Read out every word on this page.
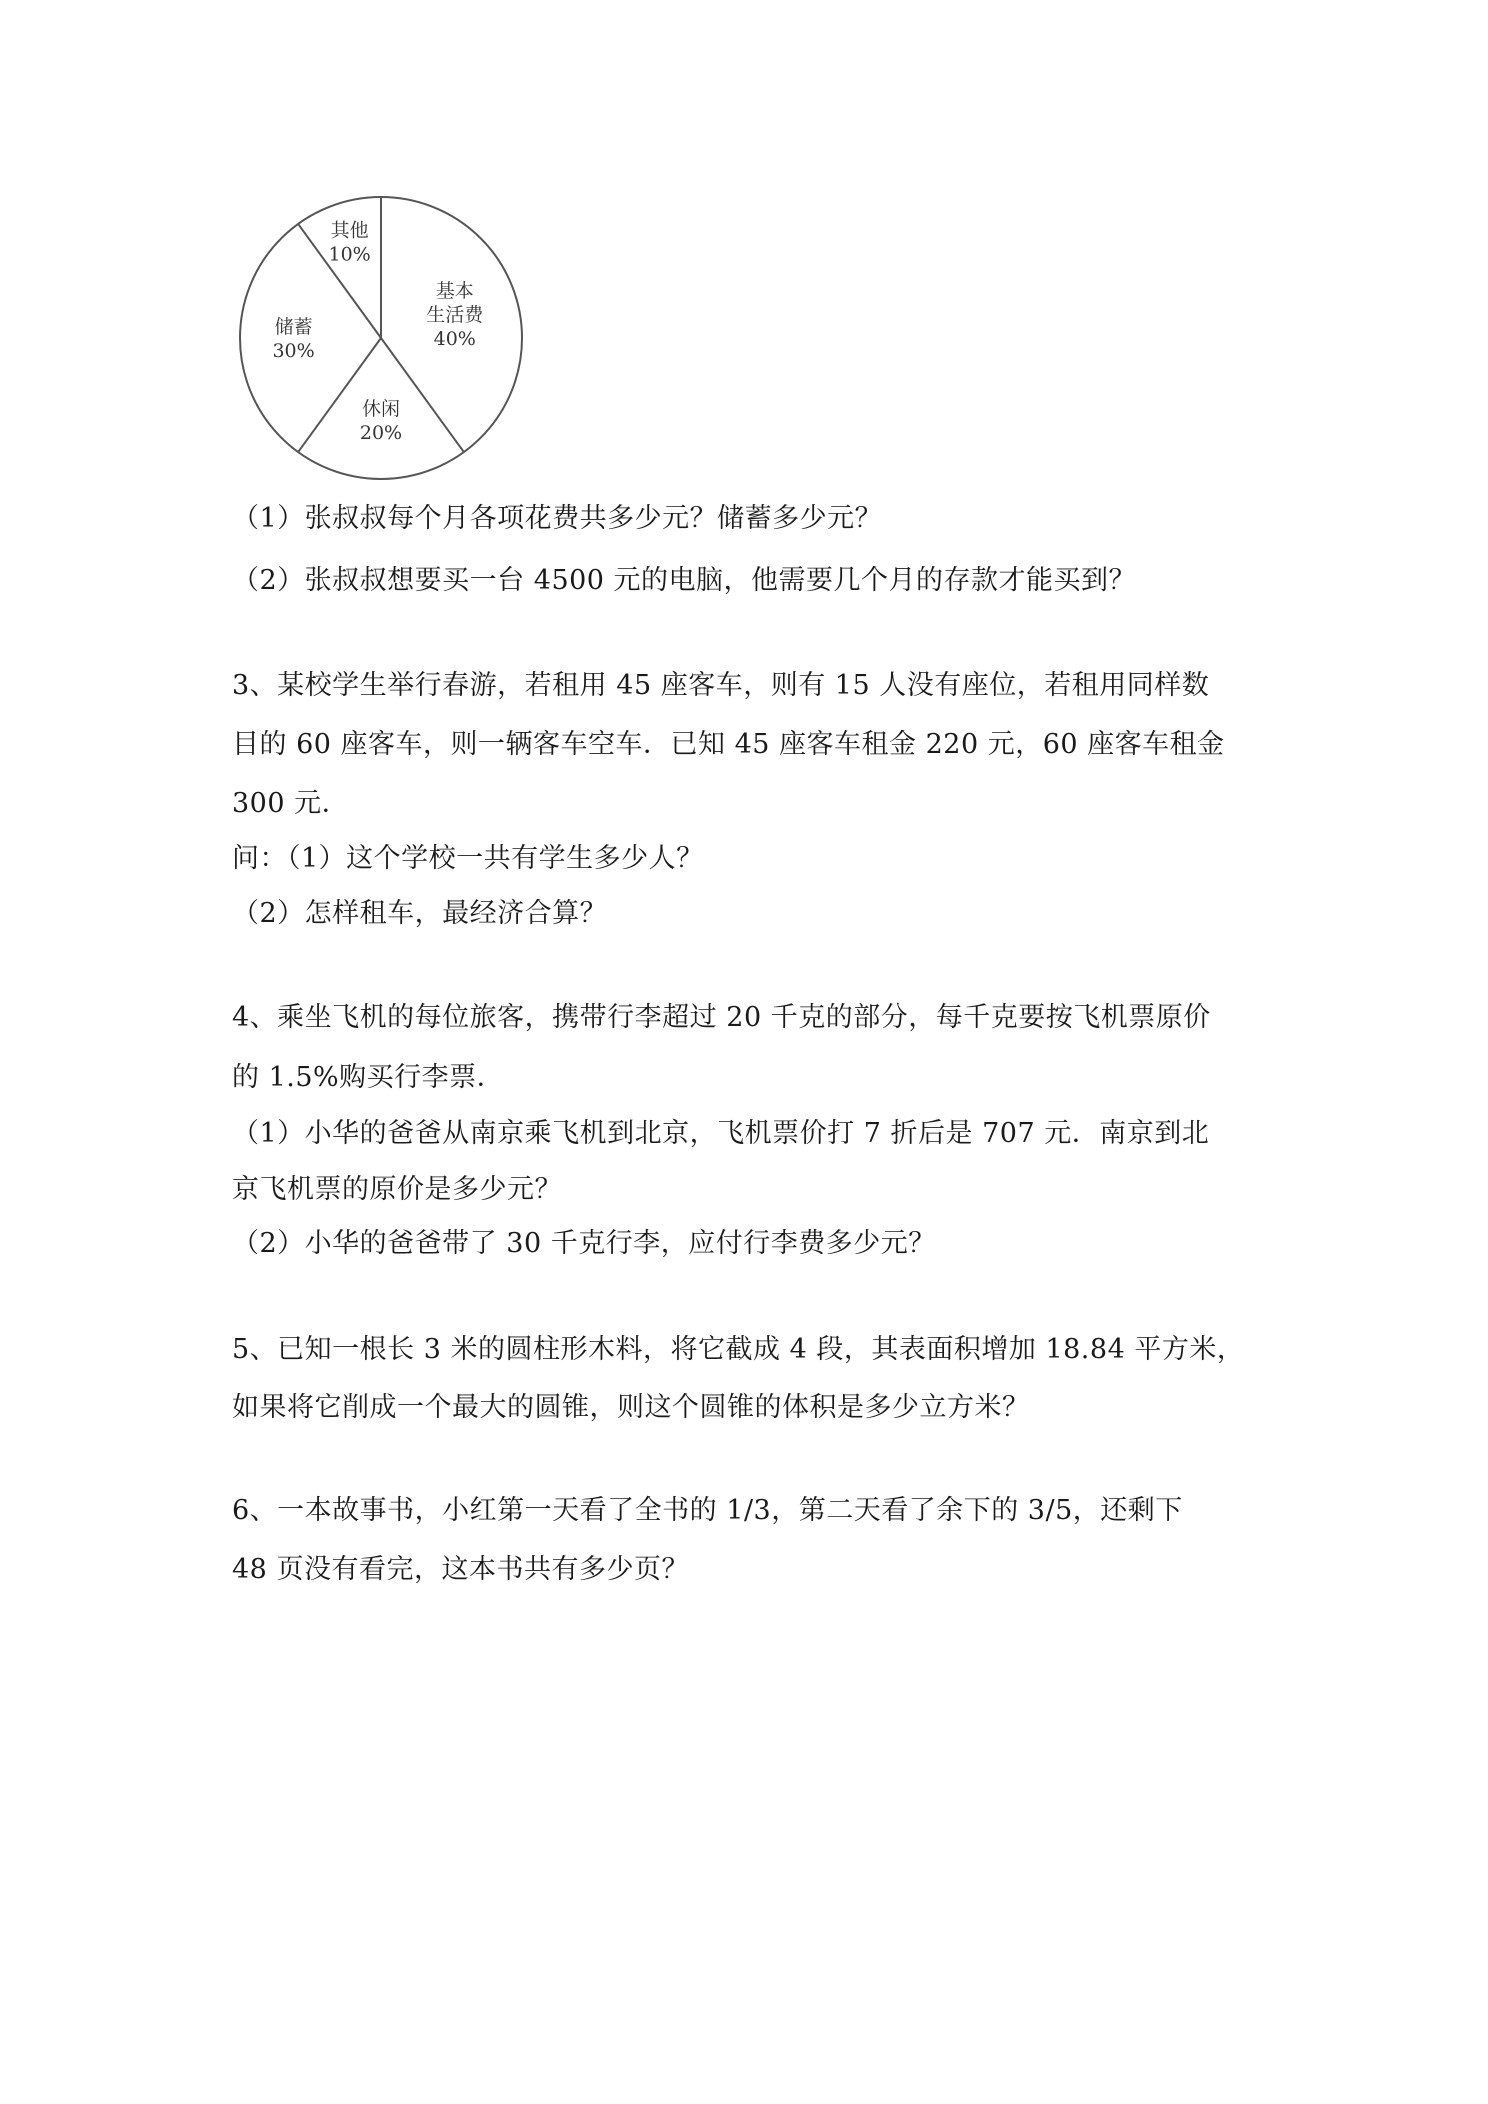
基本
生活费
40%
休闲
20%
储蓄
30%
其他
10%
（1）张叔叔每个月各项花费共多少元？储蓄多少元？
（2）张叔叔想要买一台 4500 元的电脑，他需要几个月的存款才能买到？
3、某校学生举行春游，若租用 45 座客车，则有 15 人没有座位，若租用同样数
目的 60 座客车，则一辆客车空车．已知 45 座客车租金 220 元，60 座客车租金
300 元．
问：（1）这个学校一共有学生多少人？
（2）怎样租车，最经济合算？
4、乘坐飞机的每位旅客，携带行李超过 20 千克的部分，每千克要按飞机票原价
的 1.5%购买行李票．
（1）小华的爸爸从南京乘飞机到北京，飞机票价打 7 折后是 707 元．南京到北
京飞机票的原价是多少元？
（2）小华的爸爸带了 30 千克行李，应付行李费多少元？
5、已知一根长 3 米的圆柱形木料，将它截成 4 段，其表面积增加 18.84 平方米，
如果将它削成一个最大的圆锥，则这个圆锥的体积是多少立方米？
6、一本故事书，小红第一天看了全书的 1/3，第二天看了余下的 3/5，还剩下
48 页没有看完，这本书共有多少页？
